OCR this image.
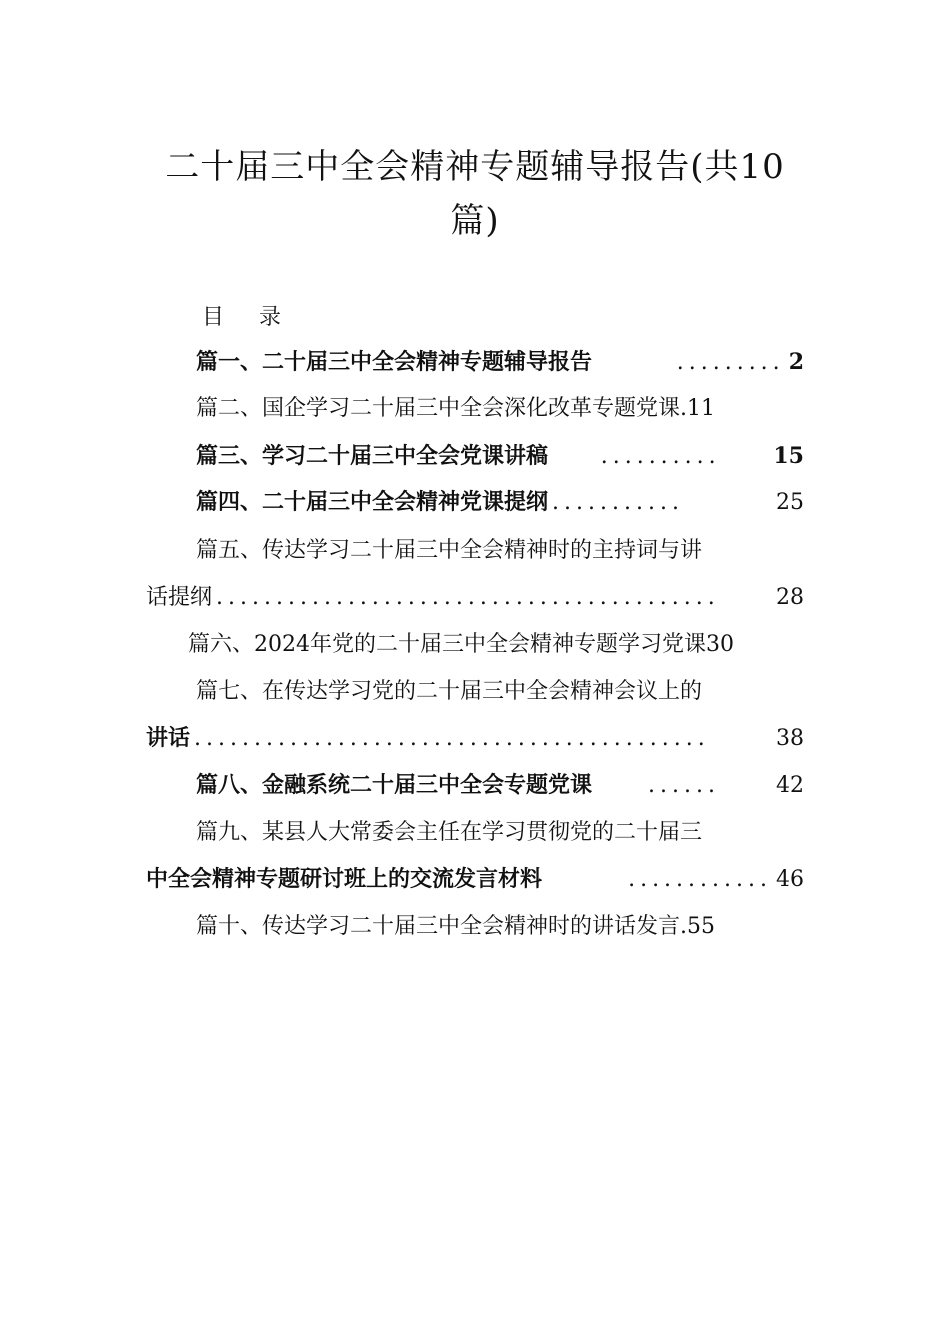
二十届三中全会精神专题辅导报告(共10
篇)
目 录
篇一、二十届三中全会精神专题辅导报告	......... 2
篇二、国企学习二十届三中全会深化改革专题党课 . 11
篇三、学习二十届三中全会党课讲稿	..........	15
篇四、二十届三中全会精神党课提纲 ...........	25
篇五、传达学习二十届三中全会精神时的主持词与讲
话提纲 ..........................................	28
篇六、2024年党的二十届三中全会精神专题学习党课 30
篇七、在传达学习党的二十届三中全会精神会议上的
讲话 ...........................................	38
篇八、金融系统二十届三中全会专题党课	......	42
篇九、某县人大常委会主任在学习贯彻党的二十届三
中全会精神专题研讨班上的交流发言材料	............ 46
篇十、传达学习二十届三中全会精神时的讲话发言 . 55
